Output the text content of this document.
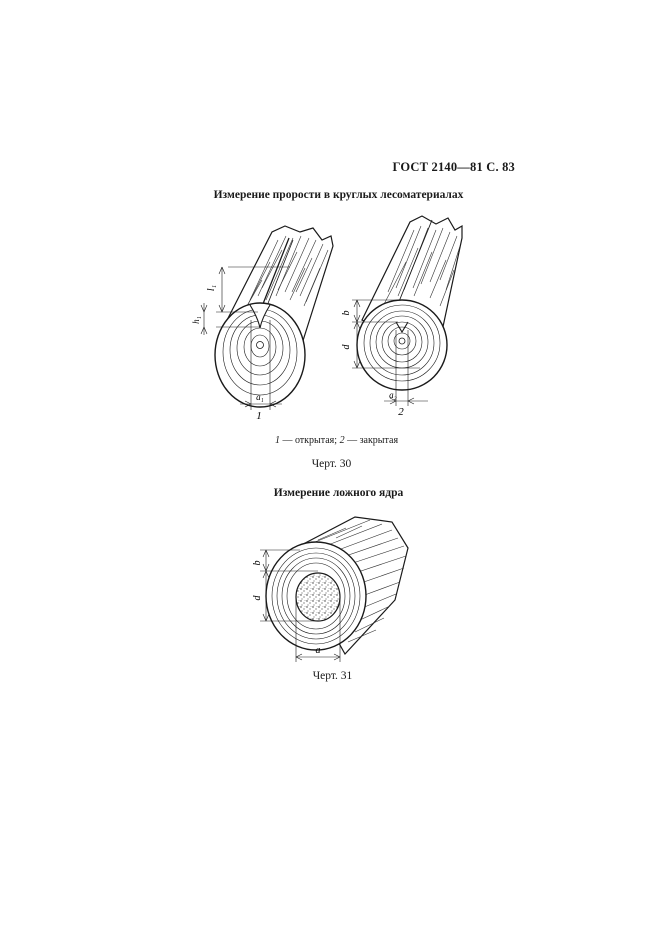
ГОСТ 2140—81 С. 83
Измерение прорости в круглых лесоматериалах
l₁
h₁
a₁
1
b
d
a₂
2
b
d
a
1 — открытая; 2 — закрытая
Черт. 30
Измерение ложного ядра
Черт. 31
